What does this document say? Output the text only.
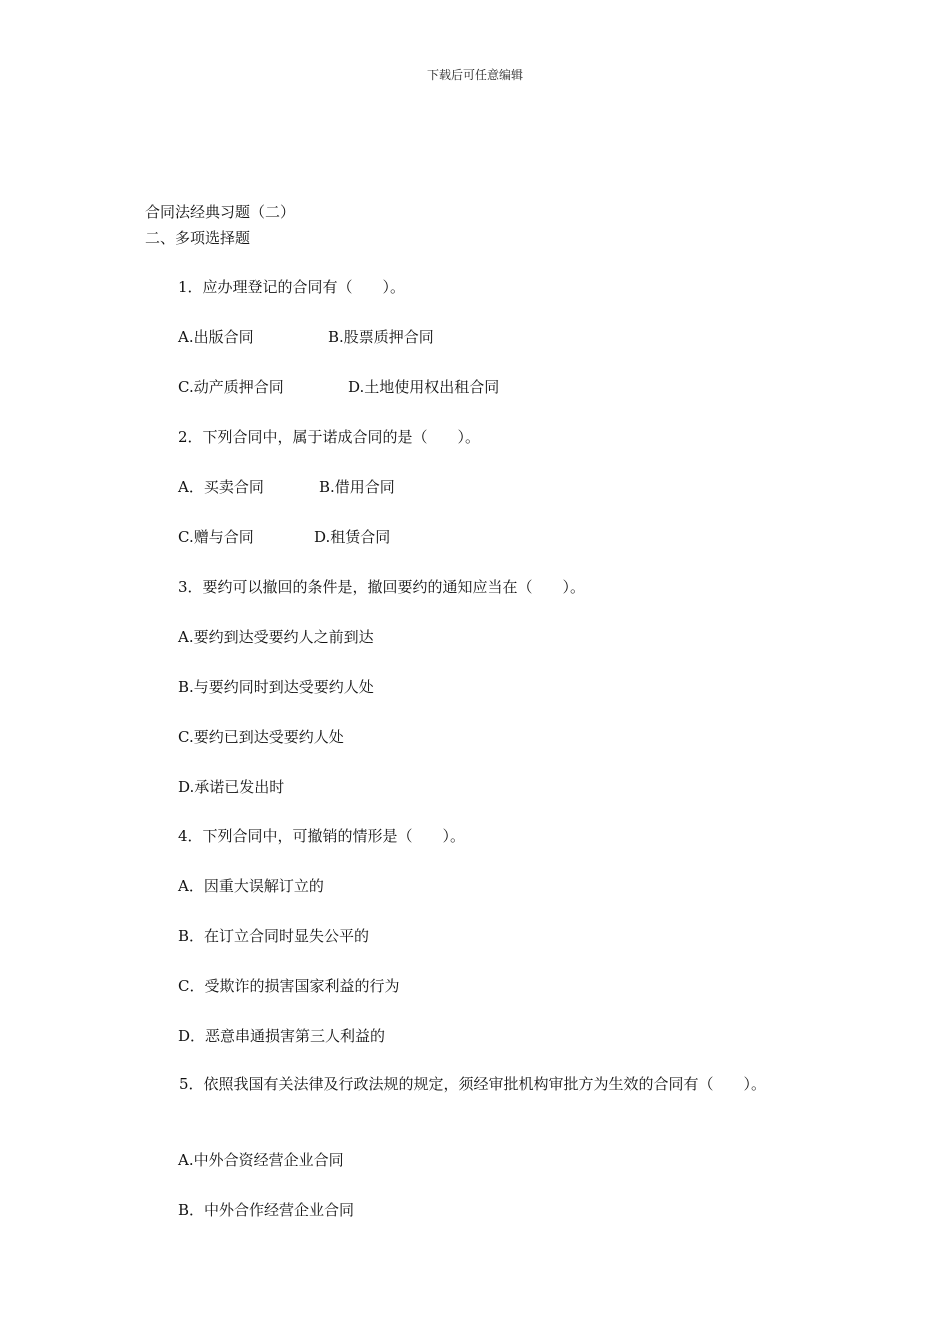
下载后可任意编辑
合同法经典习题（二）
二、多项选择题
1．应办理登记的合同有（　　）。
A.出版合同	B.股票质押合同
C.动产质押合同	D.土地使用权出租合同
2．下列合同中，属于诺成合同的是（　　）。
A．买卖合同	B.借用合同
C.赠与合同	D.租赁合同
3．要约可以撤回的条件是，撤回要约的通知应当在（　　）。
A.要约到达受要约人之前到达
B.与要约同时到达受要约人处
C.要约已到达受要约人处
D.承诺已发出时
4．下列合同中，可撤销的情形是（　　）。
A．因重大误解订立的
B．在订立合同时显失公平的
C．受欺诈的损害国家利益的行为
D．恶意串通损害第三人利益的
5．依照我国有关法律及行政法规的规定，须经审批机构审批方为生效的合同有（　　）。
A.中外合资经营企业合同
B．中外合作经营企业合同
